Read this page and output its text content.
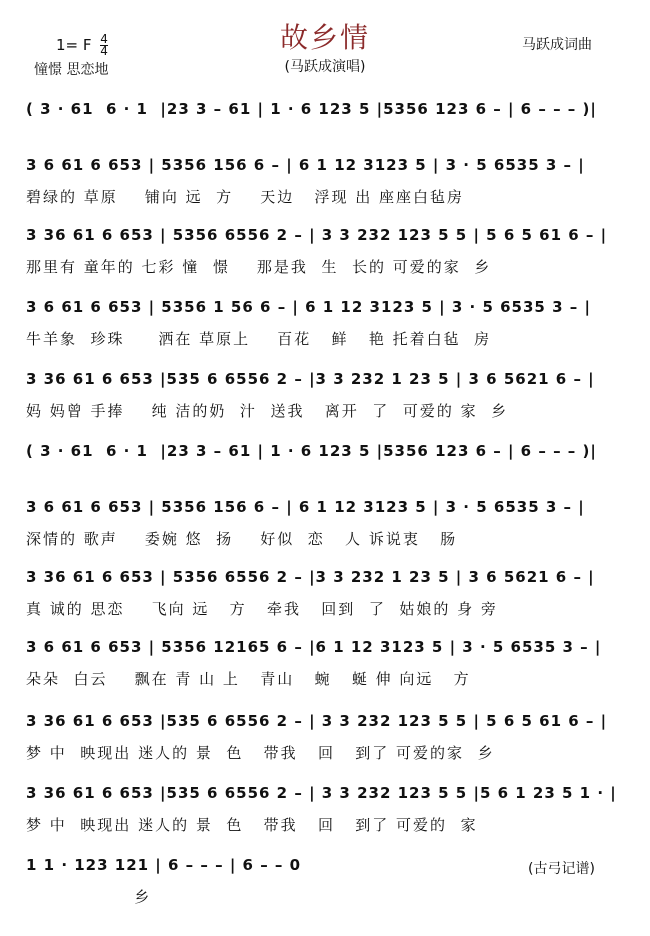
故乡情
(马跃成演唱)
马跃成词曲
1= F $\frac{4}{4}$
憧憬 思恋地
( 3 · 61  6 · 1  |23 3 – 61 | 1 · 6 123 5 |5356 123 6 – | 6 – – – )|
3 6 61 6 653 | 5356 156 6 – | 6 1 12 3123 5 | 3 · 5 6535 3 – |
碧绿的 草原    铺向 远  方    天边   浮现 出 座座白毡房
3 36 61 6 653 | 5356 6556 2 – | 3 3 232 123 5 5 | 5 6 5 61 6 – |
那里有 童年的 七彩 憧  憬    那是我  生  长的 可爱的家  乡
3 6 61 6 653 | 5356 1 56 6 – | 6 1 12 3123 5 | 3 · 5 6535 3 – |
牛羊象  珍珠     洒在 草原上    百花   鲜   艳 托着白毡  房
3 36 61 6 653 |535 6 6556 2 – |3 3 232 1 23 5 | 3 6 5621 6 – |
妈 妈曾 手捧    纯 洁的奶  汁  送我   离开  了  可爱的 家  乡
( 3 · 61  6 · 1  |23 3 – 61 | 1 · 6 123 5 |5356 123 6 – | 6 – – – )|
3 6 61 6 653 | 5356 156 6 – | 6 1 12 3123 5 | 3 · 5 6535 3 – |
深情的 歌声    委婉 悠  扬    好似  恋   人 诉说衷   肠
3 36 61 6 653 | 5356 6556 2 – |3 3 232 1 23 5 | 3 6 5621 6 – |
真 诚的 思恋    飞向 远   方   牵我   回到  了  姑娘的 身 旁
3 6 61 6 653 | 5356 12165 6 – |6 1 12 3123 5 | 3 · 5 6535 3 – |
朵朵  白云    飘在 青 山 上   青山   蜿   蜒 伸 向远   方
3 36 61 6 653 |535 6 6556 2 – | 3 3 232 123 5 5 | 5 6 5 61 6 – |
梦 中  映现出 迷人的 景  色   带我   回   到了 可爱的家  乡
3 36 61 6 653 |535 6 6556 2 – | 3 3 232 123 5 5 |5 6 1 23 5 1 · |
梦 中  映现出 迷人的 景  色   带我   回   到了 可爱的  家
1 1 · 123 121 | 6 – – – | 6 – – 0
乡
(古弓记谱)
